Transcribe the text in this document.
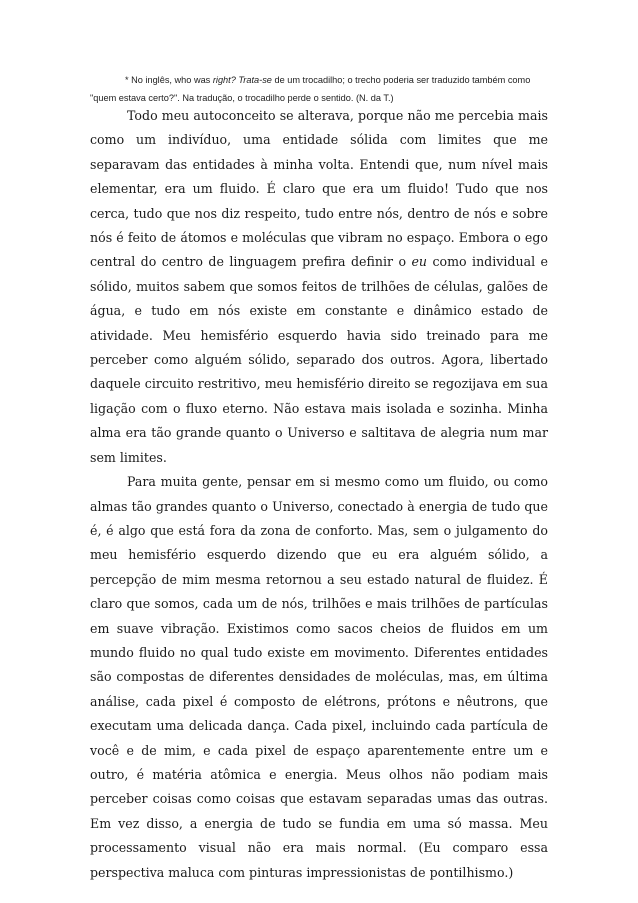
* No inglês, who was right? Trata-se de um trocadilho; o trecho poderia ser traduzido também como "quem estava certo?". Na tradução, o trocadilho perde o sentido. (N. da T.)

Todo meu autoconceito se alterava, porque não me percebia mais como um indivíduo, uma entidade sólida com limites que me separavam das entidades à minha volta. Entendi que, num nível mais elementar, era um fluido. É claro que era um fluido! Tudo que nos cerca, tudo que nos diz respeito, tudo entre nós, dentro de nós e sobre nós é feito de átomos e moléculas que vibram no espaço. Embora o ego central do centro de linguagem prefira definir o eu como individual e sólido, muitos sabem que somos feitos de trilhões de células, galões de água, e tudo em nós existe em constante e dinâmico estado de atividade. Meu hemisfério esquerdo havia sido treinado para me perceber como alguém sólido, separado dos outros. Agora, libertado daquele circuito restritivo, meu hemisfério direito se regozijava em sua ligação com o fluxo eterno. Não estava mais isolada e sozinha. Minha alma era tão grande quanto o Universo e saltitava de alegria num mar sem limites.

Para muita gente, pensar em si mesmo como um fluido, ou como almas tão grandes quanto o Universo, conectado à energia de tudo que é, é algo que está fora da zona de conforto. Mas, sem o julgamento do meu hemisfério esquerdo dizendo que eu era alguém sólido, a percepção de mim mesma retornou a seu estado natural de fluidez. É claro que somos, cada um de nós, trilhões e mais trilhões de partículas em suave vibração. Existimos como sacos cheios de fluidos em um mundo fluido no qual tudo existe em movimento. Diferentes entidades são compostas de diferentes densidades de moléculas, mas, em última análise, cada pixel é composto de elétrons, prótons e nêutrons, que executam uma delicada dança. Cada pixel, incluindo cada partícula de você e de mim, e cada pixel de espaço aparentemente entre um e outro, é matéria atômica e energia. Meus olhos não podiam mais perceber coisas como coisas que estavam separadas umas das outras. Em vez disso, a energia de tudo se fundia em uma só massa. Meu processamento visual não era mais normal. (Eu comparo essa perspectiva maluca com pinturas impressionistas de pontilhismo.)
